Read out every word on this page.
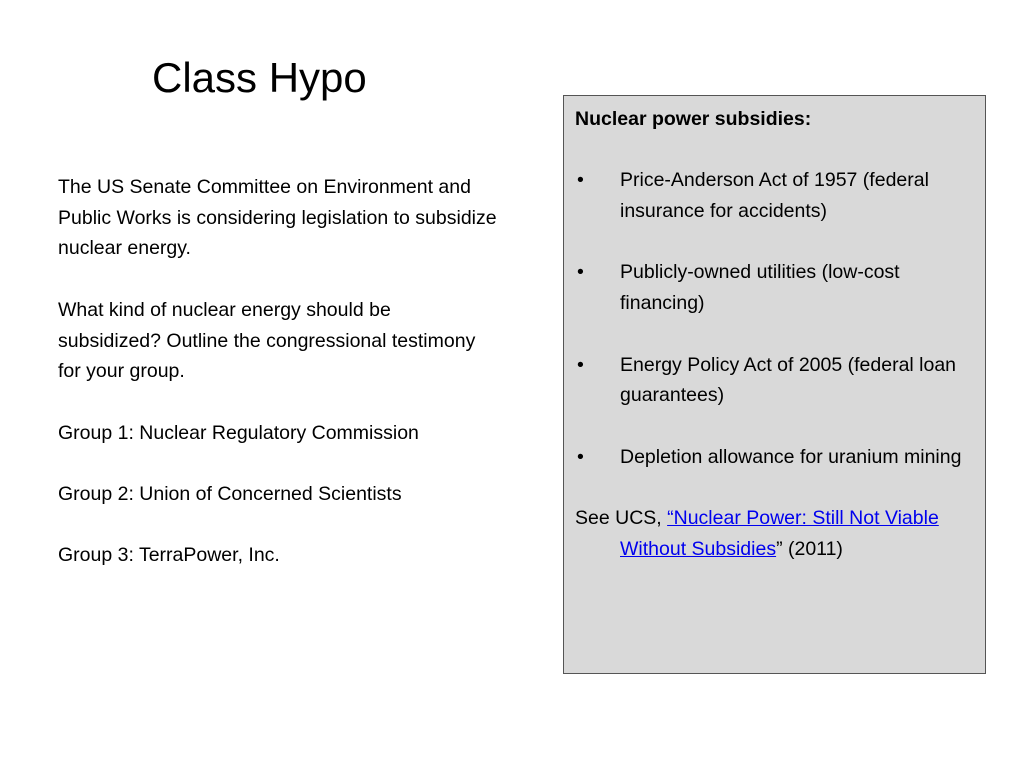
Class Hypo

The US Senate Committee on Environment and Public Works is considering legislation to subsidize nuclear energy.

What kind of nuclear energy should be subsidized? Outline the congressional testimony for your group.

Group 1: Nuclear Regulatory Commission

Group 2: Union of Concerned Scientists

Group 3: TerraPower, Inc.

Nuclear power subsidies:

• Price-Anderson Act of 1957 (federal insurance for accidents)
• Publicly-owned utilities (low-cost financing)
• Energy Policy Act of 2005 (federal loan guarantees)
• Depletion allowance for uranium mining

See UCS, “Nuclear Power: Still Not Viable Without Subsidies” (2011)
